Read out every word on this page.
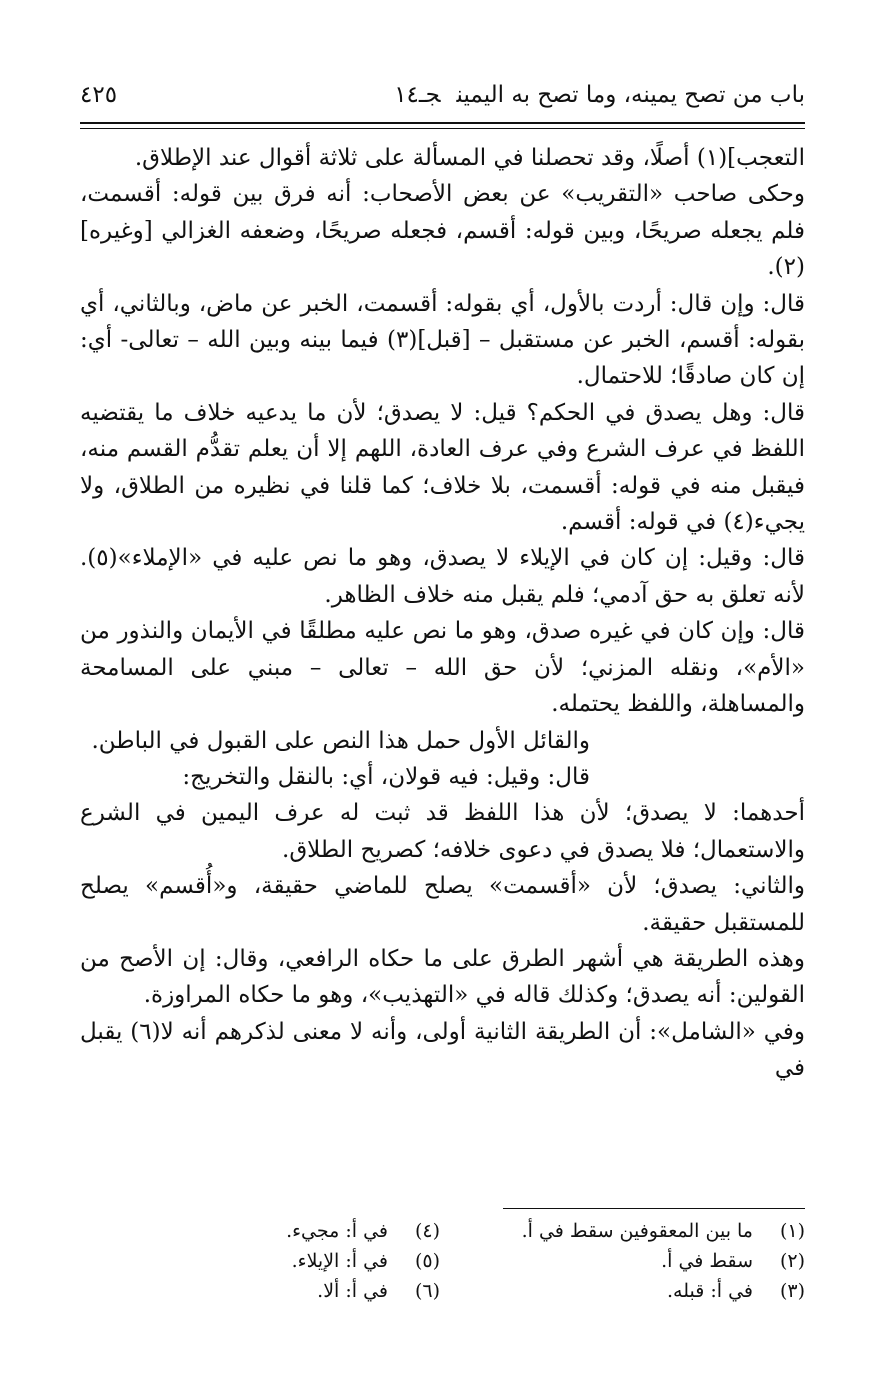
باب من تصح يمينه، وما تصح به اليمينجـ١٤
٤٢٥

التعجب](١) أصلًا، وقد تحصلنا في المسألة على ثلاثة أقوال عند الإطلاق.

وحكى صاحب «التقريب» عن بعض الأصحاب: أنه فرق بين قوله: أقسمت، فلم يجعله صريحًا، وبين قوله: أقسم، فجعله صريحًا، وضعفه الغزالي [وغيره](٢).

قال: وإن قال: أردت بالأول، أي بقوله: أقسمت، الخبر عن ماض، وبالثاني، أي بقوله: أقسم، الخبر عن مستقبل – [قبل](٣) فيما بينه وبين الله – تعالى- أي: إن كان صادقًا؛ للاحتمال.

قال: وهل يصدق في الحكم؟ قيل: لا يصدق؛ لأن ما يدعيه خلاف ما يقتضيه اللفظ في عرف الشرع وفي عرف العادة، اللهم إلا أن يعلم تقدُّم القسم منه، فيقبل منه في قوله: أقسمت، بلا خلاف؛ كما قلنا في نظيره من الطلاق، ولا يجيء(٤) في قوله: أقسم.

قال: وقيل: إن كان في الإيلاء لا يصدق، وهو ما نص عليه في «الإملاء»(٥). لأنه تعلق به حق آدمي؛ فلم يقبل منه خلاف الظاهر.

قال: وإن كان في غيره صدق، وهو ما نص عليه مطلقًا في الأيمان والنذور من «الأم»، ونقله المزني؛ لأن حق الله – تعالى – مبني على المسامحة والمساهلة، واللفظ يحتمله.

والقائل الأول حمل هذا النص على القبول في الباطن.

قال: وقيل: فيه قولان، أي: بالنقل والتخريج:

أحدهما: لا يصدق؛ لأن هذا اللفظ قد ثبت له عرف اليمين في الشرع والاستعمال؛ فلا يصدق في دعوى خلافه؛ كصريح الطلاق.

والثاني: يصدق؛ لأن «أقسمت» يصلح للماضي حقيقة، و«أُقسم» يصلح للمستقبل حقيقة.

وهذه الطريقة هي أشهر الطرق على ما حكاه الرافعي، وقال: إن الأصح من القولين: أنه يصدق؛ وكذلك قاله في «التهذيب»، وهو ما حكاه المراوزة.

وفي «الشامل»: أن الطريقة الثانية أولى، وأنه لا معنى لذكرهم أنه لا(٦) يقبل في

(١)ما بين المعقوفين سقط في أ.
(٢)سقط في أ.
(٣)في أ: قبله.
(٤)في أ: مجيء.
(٥)في أ: الإيلاء.
(٦)في أ: ألا.
